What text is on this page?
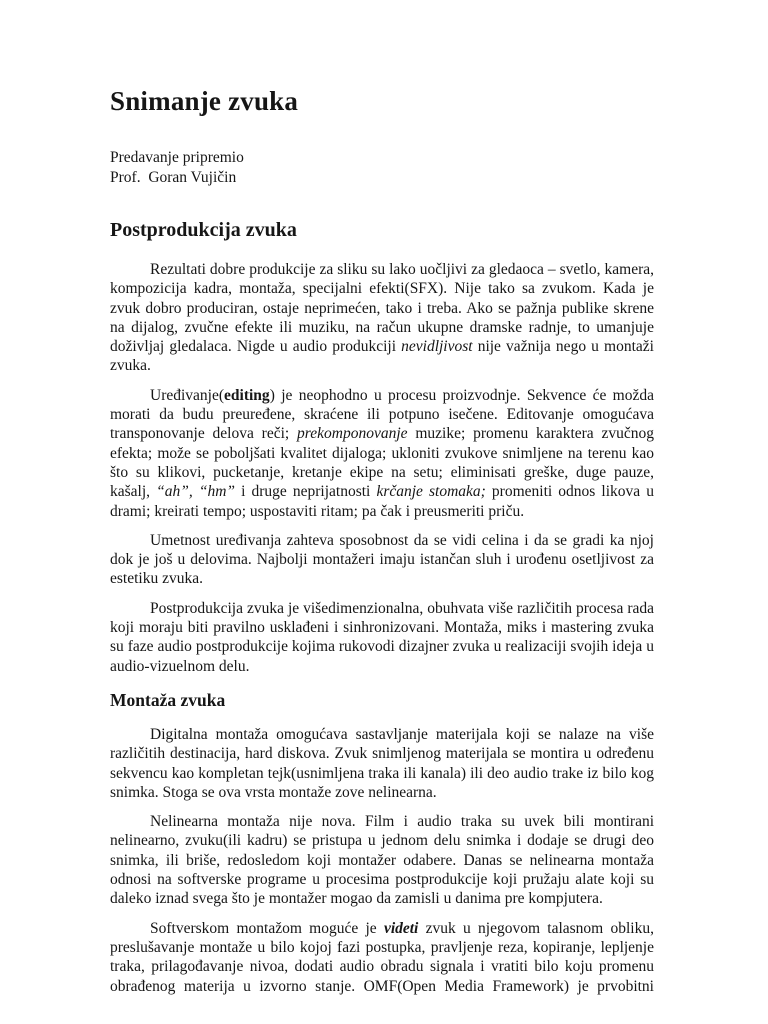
Snimanje zvuka
Predavanje pripremio
Prof.  Goran Vujičin
Postprodukcija zvuka

Rezultati dobre produkcije za sliku su lako uočljivi za gledaoca – svetlo, kamera, kompozicija kadra, montaža, specijalni efekti(SFX). Nije tako sa zvukom. Kada je zvuk dobro produciran, ostaje neprimećen, tako i treba. Ako se pažnja publike skrene na dijalog, zvučne efekte ili muziku, na račun ukupne dramske radnje, to umanjuje doživljaj gledalaca. Nigde u audio produkciji nevidljivost nije važnija nego u montaži zvuka.

Uređivanje(editing) je neophodno u procesu proizvodnje. Sekvence će možda morati da budu preuređene, skraćene ili potpuno isečene. Editovanje omogućava transponovanje delova reči; prekomponovanje muzike; promenu karaktera zvučnog efekta; može se poboljšati kvalitet dijaloga; ukloniti zvukove snimljene na terenu kao što su klikovi, pucketanje, kretanje ekipe na setu; eliminisati greške, duge pauze, kašalj, “ah”, “hm” i druge neprijatnosti krčanje stomaka; promeniti odnos likova u drami; kreirati tempo; uspostaviti ritam; pa čak i preusmeriti priču.

Umetnost uređivanja zahteva sposobnost da se vidi celina i da se gradi ka njoj dok je još u delovima. Najbolji montažeri imaju istančan sluh i urođenu osetljivost za estetiku zvuka.

Postprodukcija zvuka je višedimenzionalna, obuhvata više različitih procesa rada koji moraju biti pravilno usklađeni i sinhronizovani. Montaža, miks i mastering zvuka su faze audio postprodukcije kojima rukovodi dizajner zvuka u realizaciji svojih ideja u audio-vizuelnom delu.

Montaža zvuka

Digitalna montaža omogućava sastavljanje materijala koji se nalaze na više različitih destinacija, hard diskova. Zvuk snimljenog materijala se montira u određenu sekvencu kao kompletan tejk(usnimljena traka ili kanala) ili deo audio trake iz bilo kog snimka. Stoga se ova vrsta montaže zove nelinearna.

Nelinearna montaža nije nova. Film i audio traka su uvek bili montirani nelinearno, zvuku(ili kadru) se pristupa u jednom delu snimka i dodaje se drugi deo snimka, ili briše, redosledom koji montažer odabere. Danas se nelinearna montaža odnosi na softverske programe u procesima postprodukcije koji pružaju alate koji su daleko iznad svega što je montažer mogao da zamisli u danima pre kompjutera.

Softverskom montažom moguće je videti zvuk u njegovom talasnom obliku, preslušavanje montaže u bilo kojoj fazi postupka, pravljenje reza, kopiranje, lepljenje traka, prilagođavanje nivoa, dodati audio obradu signala i vratiti bilo koju promenu obrađenog materija u izvorno stanje. OMF(Open Media Framework) je prvobitni
